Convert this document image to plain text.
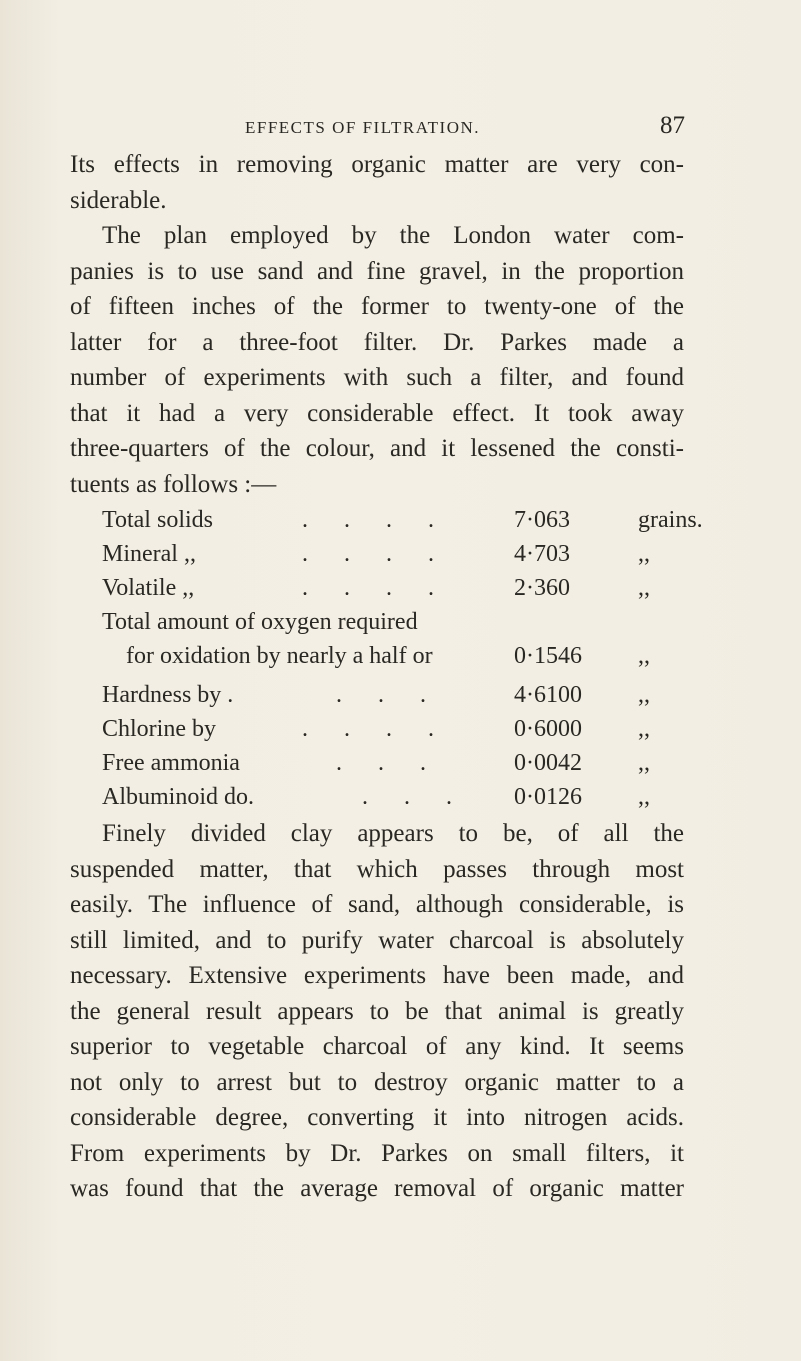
EFFECTS OF FILTRATION.	87

Its effects in removing organic matter are very con-
siderable.

The plan employed by the London water com-
panies is to use sand and fine gravel, in the proportion
of fifteen inches of the former to twenty-one of the
latter for a three-foot filter. Dr. Parkes made a
number of experiments with such a filter, and found
that it had a very considerable effect. It took away
three-quarters of the colour, and it lessened the consti-
tuents as follows :—

Total solids	. . . .	7·063	grains.
Mineral ,,	. . . .	4·703	,,
Volatile ,,	. . . .	2·360	,,
Total amount of oxygen required
for oxidation by nearly a half or	0·1546 ,,
Hardness by .	. . .	4·6100 ,,
Chlorine by	. . . .	0·6000 ,,
Free ammonia	. . .	0·0042 ,,
Albuminoid do.	. . . 0·0126 ,,

Finely divided clay appears to be, of all the
suspended matter, that which passes through most
easily. The influence of sand, although considerable, is
still limited, and to purify water charcoal is absolutely
necessary. Extensive experiments have been made, and
the general result appears to be that animal is greatly
superior to vegetable charcoal of any kind. It seems
not only to arrest but to destroy organic matter to a
considerable degree, converting it into nitrogen acids.
From experiments by Dr. Parkes on small filters, it
was found that the average removal of organic matter
